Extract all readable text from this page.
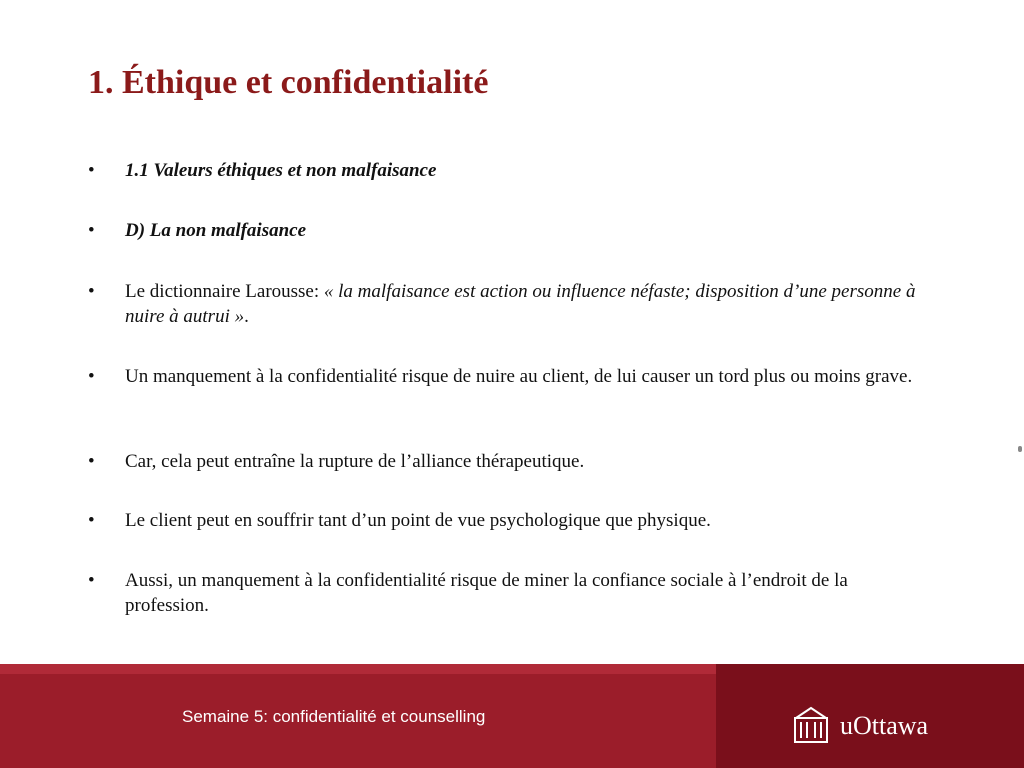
1. Éthique et confidentialité
• 1.1 Valeurs éthiques et non malfaisance
• D) La non malfaisance
• Le dictionnaire Larousse: « la malfaisance est action ou influence néfaste; disposition d’une personne à nuire à autrui ».
• Un manquement à la confidentialité risque de nuire au client, de lui causer un tord plus ou moins grave.
• Car, cela peut entraîne la rupture de l’alliance thérapeutique.
• Le client peut en souffrir tant d’un point de vue psychologique que physique.
• Aussi, un manquement à la confidentialité risque de miner la confiance sociale à l’endroit de la profession.
Semaine 5: confidentialité et counselling	uOttawa
